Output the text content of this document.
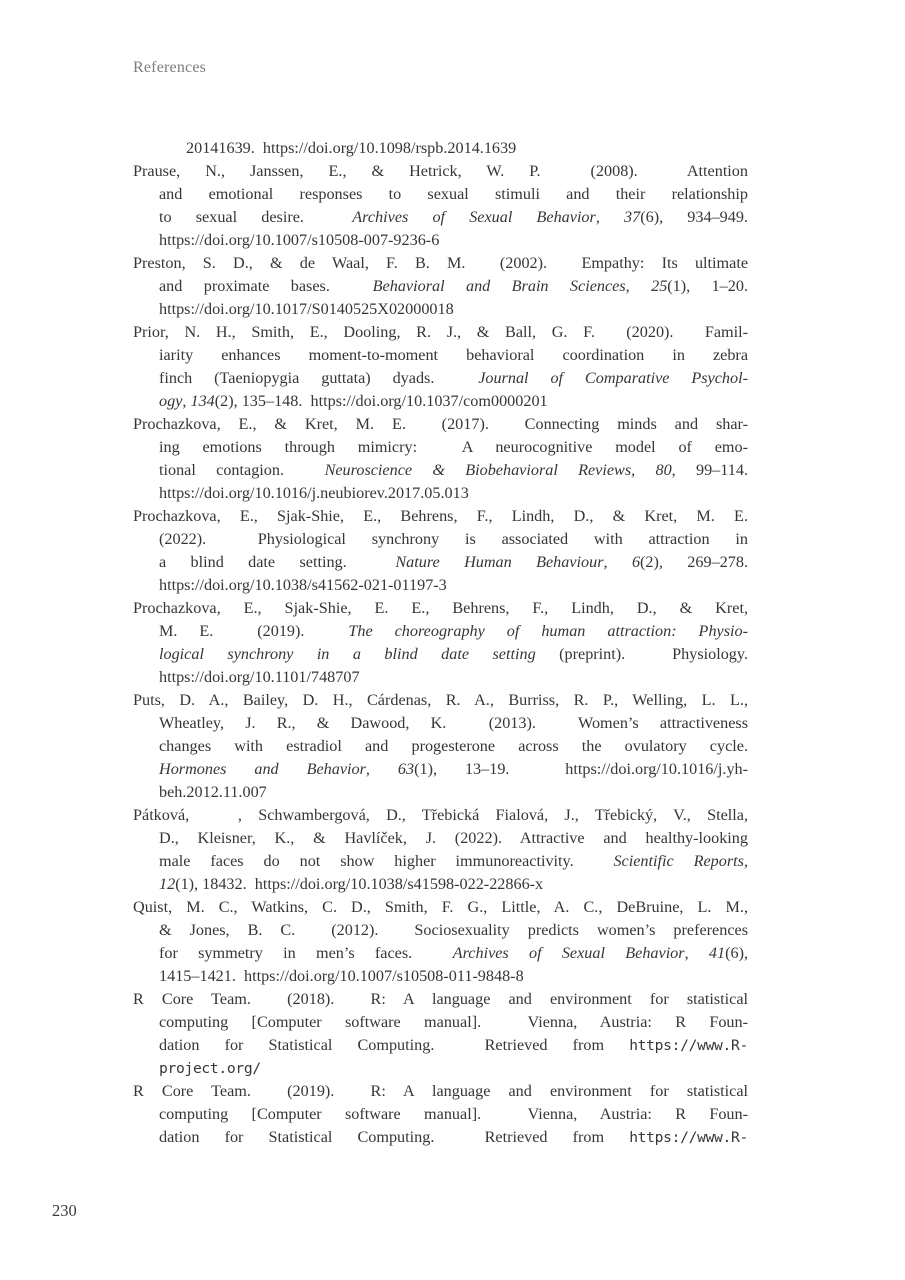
References
20141639.  https://doi.org/10.1098/rspb.2014.1639
Prause, N., Janssen, E., & Hetrick, W. P.  (2008).  Attention
and emotional responses to sexual stimuli and their relationship
to sexual desire.  Archives of Sexual Behavior, 37(6), 934–949.
https://doi.org/10.1007/s10508-007-9236-6
Preston, S. D., & de Waal, F. B. M.  (2002).  Empathy: Its ultimate
and proximate bases.  Behavioral and Brain Sciences, 25(1), 1–20.
https://doi.org/10.1017/S0140525X02000018
Prior, N. H., Smith, E., Dooling, R. J., & Ball, G. F.  (2020).  Famil-
iarity enhances moment-to-moment behavioral coordination in zebra
finch (Taeniopygia guttata) dyads.  Journal of Comparative Psychol-
ogy, 134(2), 135–148.  https://doi.org/10.1037/com0000201
Prochazkova, E., & Kret, M. E.  (2017).  Connecting minds and shar-
ing emotions through mimicry:  A neurocognitive model of emo-
tional contagion.  Neuroscience & Biobehavioral Reviews, 80, 99–114.
https://doi.org/10.1016/j.neubiorev.2017.05.013
Prochazkova, E., Sjak-Shie, E., Behrens, F., Lindh, D., & Kret, M. E.
(2022).  Physiological synchrony is associated with attraction in
a blind date setting.  Nature Human Behaviour, 6(2), 269–278.
https://doi.org/10.1038/s41562-021-01197-3
Prochazkova, E., Sjak-Shie, E. E., Behrens, F., Lindh, D., & Kret,
M. E.  (2019).  The choreography of human attraction: Physio-
logical synchrony in a blind date setting (preprint).  Physiology.
https://doi.org/10.1101/748707
Puts, D. A., Bailey, D. H., Cárdenas, R. A., Burriss, R. P., Welling, L. L.,
Wheatley, J. R., & Dawood, K.  (2013).  Women’s attractiveness
changes with estradiol and progesterone across the ovulatory cycle.
Hormones and Behavior, 63(1), 13–19.  https://doi.org/10.1016/j.yh-
beh.2012.11.007
Pátková,   , Schwambergová, D., Třebická Fialová, J., Třebický, V., Stella,
D., Kleisner, K., & Havlíček, J. (2022). Attractive and healthy-looking
male faces do not show higher immunoreactivity.  Scientific Reports,
12(1), 18432.  https://doi.org/10.1038/s41598-022-22866-x
Quist, M. C., Watkins, C. D., Smith, F. G., Little, A. C., DeBruine, L. M.,
& Jones, B. C.  (2012).  Sociosexuality predicts women’s preferences
for symmetry in men’s faces.  Archives of Sexual Behavior, 41(6),
1415–1421.  https://doi.org/10.1007/s10508-011-9848-8
R Core Team.  (2018).  R: A language and environment for statistical
computing [Computer software manual].  Vienna, Austria: R Foun-
dation for Statistical Computing.  Retrieved from https://www.R-
project.org/
R Core Team.  (2019).  R: A language and environment for statistical
computing [Computer software manual].  Vienna, Austria: R Foun-
dation for Statistical Computing.  Retrieved from https://www.R-
230
